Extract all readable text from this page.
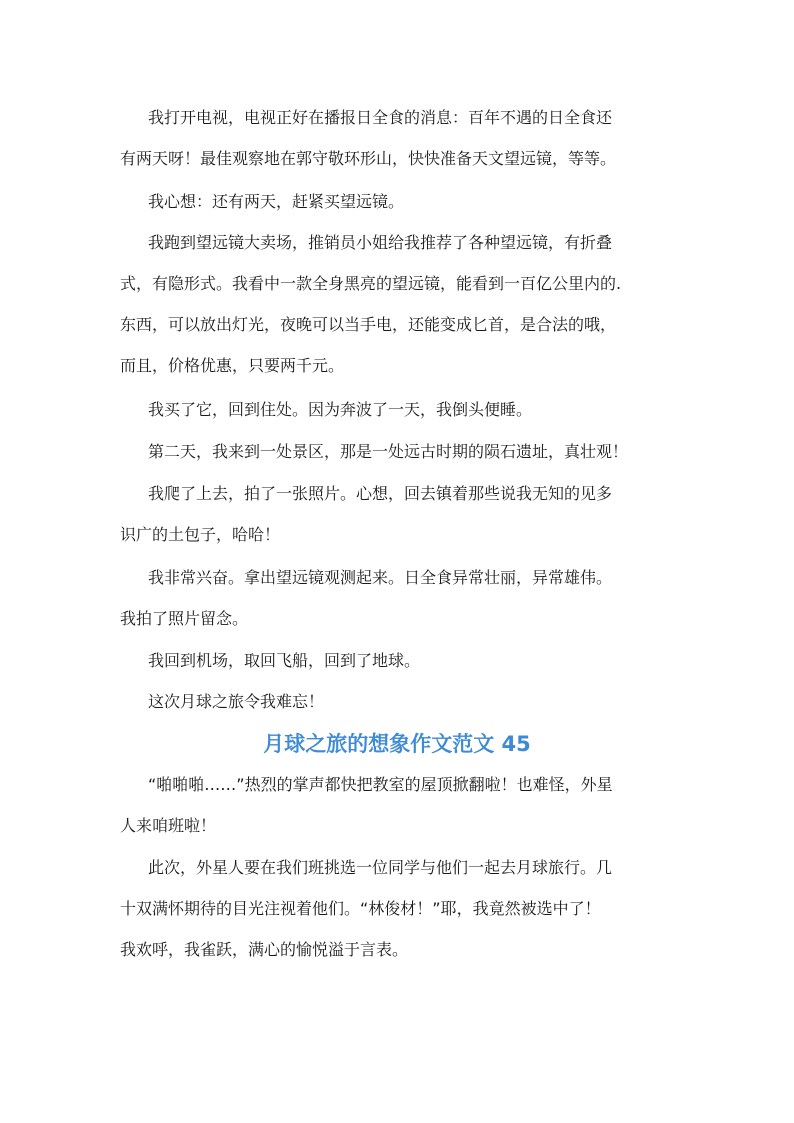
我打开电视，电视正好在播报日全食的消息：百年不遇的日全食还
有两天呀！最佳观察地在郭守敬环形山，快快准备天文望远镜，等等。
我心想：还有两天，赶紧买望远镜。
我跑到望远镜大卖场，推销员小姐给我推荐了各种望远镜，有折叠
式，有隐形式。我看中一款全身黑亮的望远镜，能看到一百亿公里内的.
东西，可以放出灯光，夜晚可以当手电，还能变成匕首，是合法的哦，
而且，价格优惠，只要两千元。
我买了它，回到住处。因为奔波了一天，我倒头便睡。
第二天，我来到一处景区，那是一处远古时期的陨石遗址，真壮观！
我爬了上去，拍了一张照片。心想，回去镇着那些说我无知的见多
识广的土包子，哈哈！
我非常兴奋。拿出望远镜观测起来。日全食异常壮丽，异常雄伟。
我拍了照片留念。
我回到机场，取回飞船，回到了地球。
这次月球之旅令我难忘！
月球之旅的想象作文范文 45
“啪啪啪……”热烈的掌声都快把教室的屋顶掀翻啦！也难怪，外星
人来咱班啦！
此次，外星人要在我们班挑选一位同学与他们一起去月球旅行。几
十双满怀期待的目光注视着他们。“林俊材！”耶，我竟然被选中了！
我欢呼，我雀跃，满心的愉悦溢于言表。
